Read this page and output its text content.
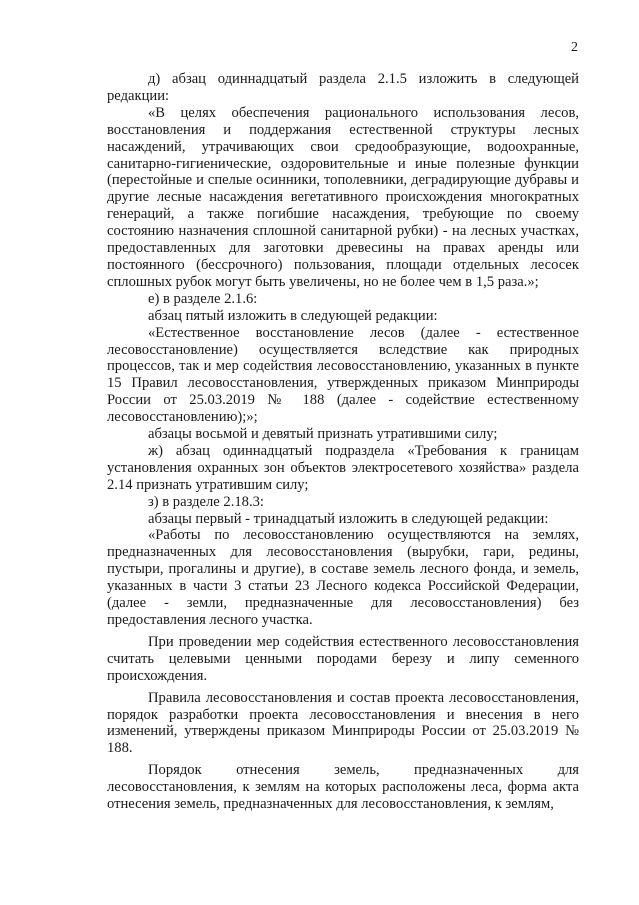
2

д) абзац одиннадцатый раздела 2.1.5 изложить в следующей редакции:

«В целях обеспечения рационального использования лесов, восстановления и поддержания естественной структуры лесных насаждений, утрачивающих свои средообразующие, водоохранные, санитарно-гигиенические, оздоровительные и иные полезные функции (перестойные и спелые осинники, тополевники, деградирующие дубравы и другие лесные насаждения вегетативного происхождения многократных генераций, а также погибшие насаждения, требующие по своему состоянию назначения сплошной санитарной рубки) - на лесных участках, предоставленных для заготовки древесины на правах аренды или постоянного (бессрочного) пользования, площади отдельных лесосек сплошных рубок могут быть увеличены, но не более чем в 1,5 раза.»;

е) в разделе 2.1.6:

абзац пятый изложить в следующей редакции:

«Естественное восстановление лесов (далее - естественное лесовосстановление) осуществляется вследствие как природных процессов, так и мер содействия лесовосстановлению, указанных в пункте 15 Правил лесовосстановления, утвержденных приказом Минприроды России от 25.03.2019 № 188 (далее - содействие естественному лесовосстановлению);»;

абзацы восьмой и девятый признать утратившими силу;

ж) абзац одиннадцатый подраздела «Требования к границам установления охранных зон объектов электросетевого хозяйства» раздела 2.14 признать утратившим силу;

з) в разделе 2.18.3:

абзацы первый - тринадцатый изложить в следующей редакции:

«Работы по лесовосстановлению осуществляются на землях, предназначенных для лесовосстановления (вырубки, гари, редины, пустыри, прогалины и другие), в составе земель лесного фонда, и земель, указанных в части 3 статьи 23 Лесного кодекса Российской Федерации, (далее - земли, предназначенные для лесовосстановления) без предоставления лесного участка.

При проведении мер содействия естественного лесовосстановления считать целевыми ценными породами березу и липу семенного происхождения.

Правила лесовосстановления и состав проекта лесовосстановления, порядок разработки проекта лесовосстановления и внесения в него изменений, утверждены приказом Минприроды России от 25.03.2019 № 188.

Порядок отнесения земель, предназначенных для лесовосстановления, к землям на которых расположены леса, форма акта отнесения земель, предназначенных для лесовосстановления, к землям,
